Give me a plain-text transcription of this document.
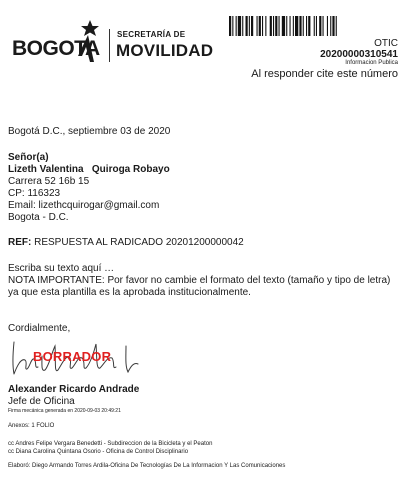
BOGOTA
SECRETARÍA DE
MOVILIDAD	OTIC
20200000310541
Informacion Publica
Al responder cite este número
Bogotá D.C., septiembre 03 de 2020
Señor(a)
Lizeth Valentina   Quiroga Robayo
Carrera 52 16b 15
CP: 116323
Email: lizethcquirogar@gmail.com
Bogota - D.C.
REF: RESPUESTA AL RADICADO 20201200000042
Escriba su texto aquí …
NOTA IMPORTANTE: Por favor no cambie el formato del texto (tamaño y tipo de letra) ya que esta plantilla es la aprobada institucionalmente.
Cordialmente,
BORRADOR
Alexander Ricardo Andrade
Jefe de Oficina
Firma mecánica generada en 2020-09-03 20:49:21
Anexos: 1 FOLIO
cc Andres Felipe Vergara Benedetti - Subdireccion de la Bicicleta y el Peaton
cc Diana Carolina Quintana Osorio - Oficina de Control Disciplinario
Elaboró: Diego Armando Torres Ardila-Oficina De Tecnologías De La Informacion Y Las Comunicaciones
